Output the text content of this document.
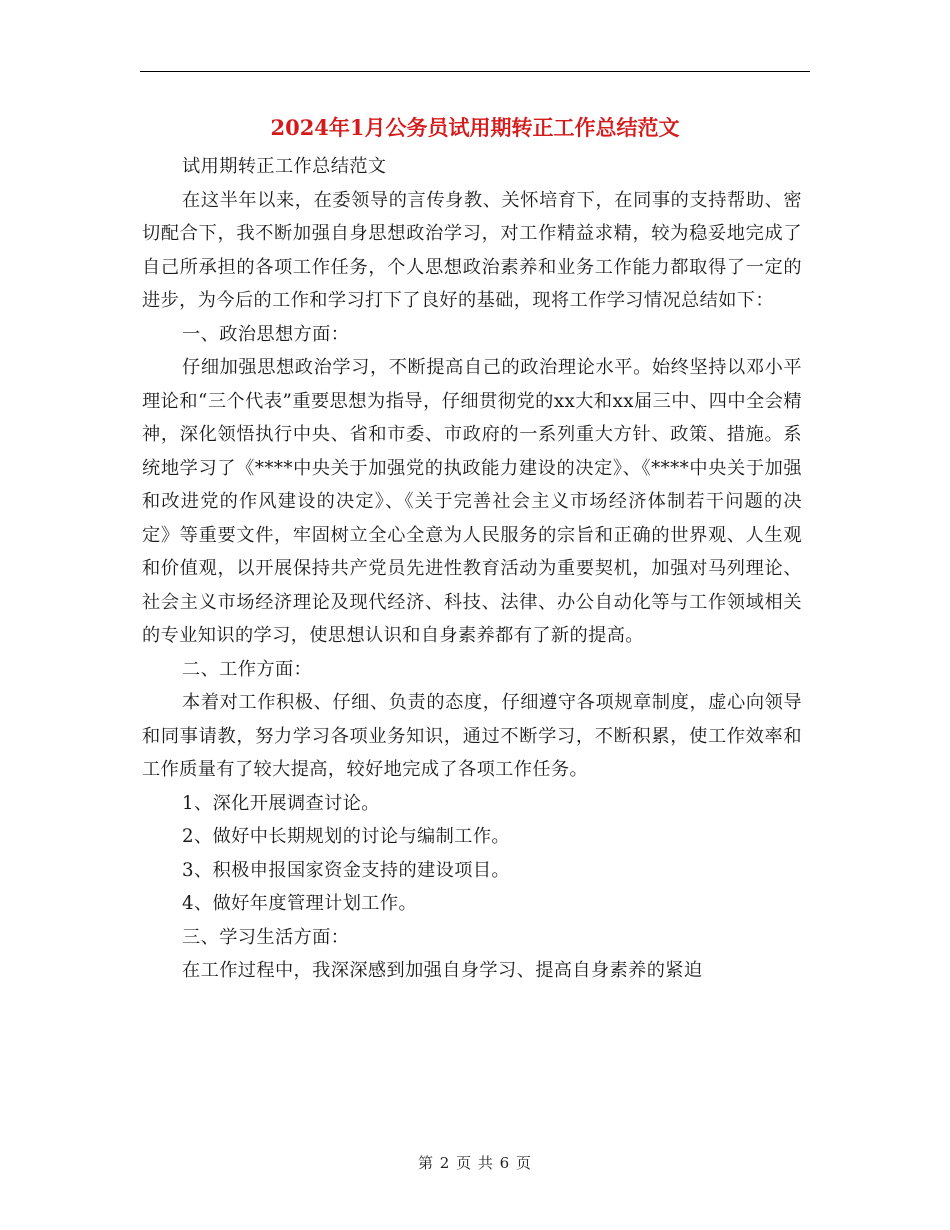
2024年1月公务员试用期转正工作总结范文

试用期转正工作总结范文

在这半年以来，在委领导的言传身教、关怀培育下，在同事的支持帮助、密切配合下，我不断加强自身思想政治学习，对工作精益求精，较为稳妥地完成了自己所承担的各项工作任务，个人思想政治素养和业务工作能力都取得了一定的进步，为今后的工作和学习打下了良好的基础，现将工作学习情况总结如下：

一、政治思想方面：

仔细加强思想政治学习，不断提高自己的政治理论水平。始终坚持以邓小平理论和“三个代表”重要思想为指导，仔细贯彻党的xx大和xx届三中、四中全会精神，深化领悟执行中央、省和市委、市政府的一系列重大方针、政策、措施。系统地学习了《****中央关于加强党的执政能力建设的决定》、《****中央关于加强和改进党的作风建设的决定》、《关于完善社会主义市场经济体制若干问题的决定》等重要文件，牢固树立全心全意为人民服务的宗旨和正确的世界观、人生观和价值观，以开展保持共产党员先进性教育活动为重要契机，加强对马列理论、社会主义市场经济理论及现代经济、科技、法律、办公自动化等与工作领域相关的专业知识的学习，使思想认识和自身素养都有了新的提高。

二、工作方面：

本着对工作积极、仔细、负责的态度，仔细遵守各项规章制度，虚心向领导和同事请教，努力学习各项业务知识，通过不断学习，不断积累，使工作效率和工作质量有了较大提高，较好地完成了各项工作任务。

1、深化开展调查讨论。

2、做好中长期规划的讨论与编制工作。

3、积极申报国家资金支持的建设项目。

4、做好年度管理计划工作。

三、学习生活方面：

在工作过程中，我深深感到加强自身学习、提高自身素养的紧迫

第 2 页 共 6 页
